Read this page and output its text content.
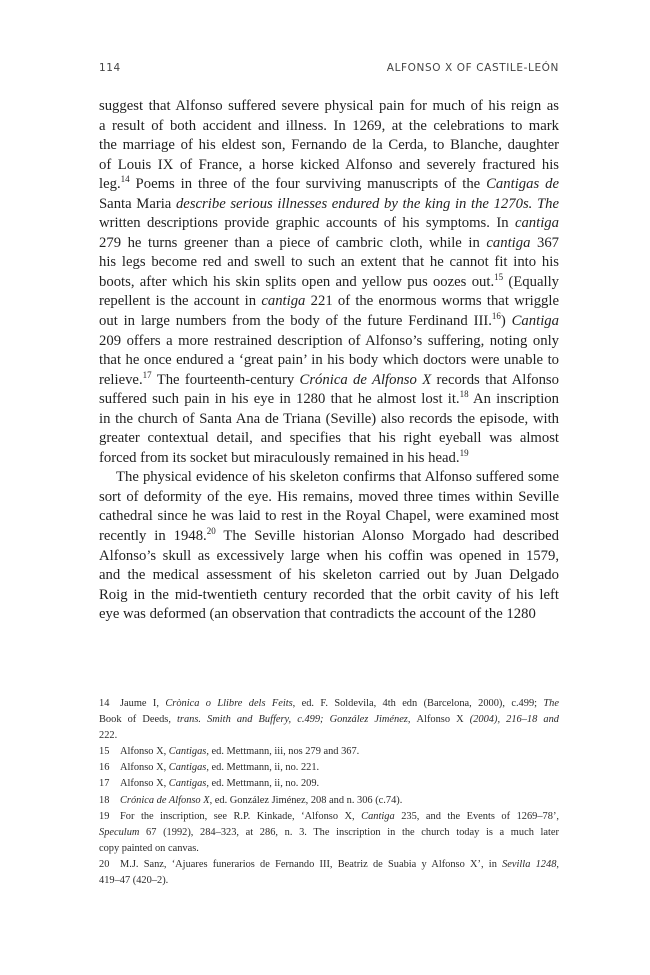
114	ALFONSO X OF CASTILE-LEÓN
suggest that Alfonso suffered severe physical pain for much of his reign as
a result of both accident and illness. In 1269, at the celebrations to mark
the marriage of his eldest son, Fernando de la Cerda, to Blanche, daughter
of Louis IX of France, a horse kicked Alfonso and severely fractured his
leg.$^{14}$ Poems in three of the four surviving manuscripts of the Cantigas de
Santa Maria describe serious illnesses endured by the king in the 1270s. The
written descriptions provide graphic accounts of his symptoms. In cantiga
279 he turns greener than a piece of cambric cloth, while in cantiga 367
his legs become red and swell to such an extent that he cannot fit into his
boots, after which his skin splits open and yellow pus oozes out.$^{15}$ (Equally
repellent is the account in cantiga 221 of the enormous worms that wriggle
out in large numbers from the body of the future Ferdinand III.$^{16}$) Cantiga
209 offers a more restrained description of Alfonso’s suffering, noting only
that he once endured a ‘great pain’ in his body which doctors were unable to
relieve.$^{17}$ The fourteenth-century Crónica de Alfonso X records that Alfonso
suffered such pain in his eye in 1280 that he almost lost it.$^{18}$ An inscription
in the church of Santa Ana de Triana (Seville) also records the episode, with
greater contextual detail, and specifies that his right eyeball was almost
forced from its socket but miraculously remained in his head.$^{19}$
The physical evidence of his skeleton confirms that Alfonso suffered some
sort of deformity of the eye. His remains, moved three times within Seville
cathedral since he was laid to rest in the Royal Chapel, were examined most
recently in 1948.20 The Seville historian Alonso Morgado had described
Alfonso’s skull as excessively large when his coffin was opened in 1579,
and the medical assessment of his skeleton carried out by Juan Delgado
Roig in the mid-twentieth century recorded that the orbit cavity of his left
eye was deformed (an observation that contradicts the account of the 1280
14 Jaume I, Crònica o Llibre dels Feits, ed. F. Soldevila, 4th edn (Barcelona, 2000), c.499; The
Book of Deeds, trans. Smith and Buffery, c.499; González Jiménez, Alfonso X (2004), 216–18 and
222.
15 Alfonso X, Cantigas, ed. Mettmann, iii, nos 279 and 367.
16 Alfonso X, Cantigas, ed. Mettmann, ii, no. 221.
17 Alfonso X, Cantigas, ed. Mettmann, ii, no. 209.
18 Crónica de Alfonso X, ed. González Jiménez, 208 and n. 306 (c.74).
19 For the inscription, see R.P. Kinkade, ‘Alfonso X, Cantiga 235, and the Events of 1269–78’,
Speculum 67 (1992), 284–323, at 286, n. 3. The inscription in the church today is a much later
copy painted on canvas.
20 M.J. Sanz, ‘Ajuares funerarios de Fernando III, Beatriz de Suabia y Alfonso X’, in Sevilla 1248,
419–47 (420–2).
